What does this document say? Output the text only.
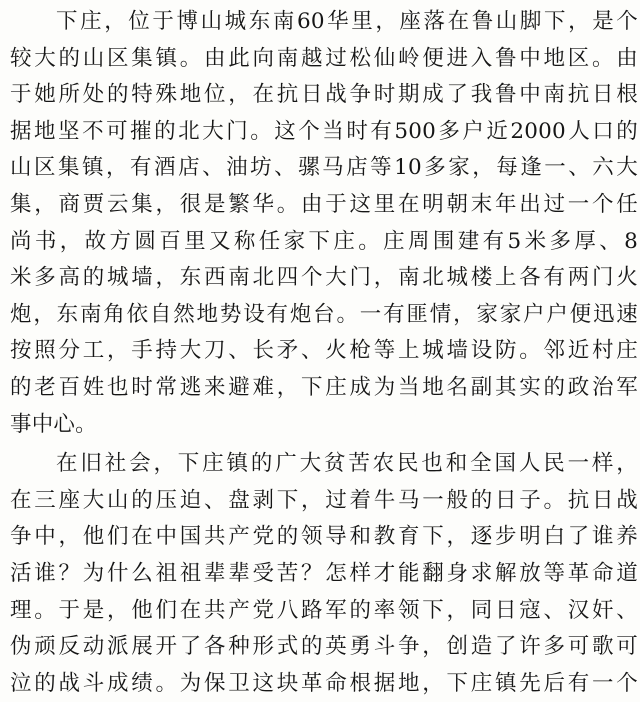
下庄，位于博山城东南60华里，座落在鲁山脚下，是个
较大的山区集镇。由此向南越过松仙岭便进入鲁中地区。由
于她所处的特殊地位，在抗日战争时期成了我鲁中南抗日根
据地坚不可摧的北大门。这个当时有500多户近2000人口的
山区集镇，有酒店、油坊、骡马店等10多家，每逢一、六大
集，商贾云集，很是繁华。由于这里在明朝末年出过一个任
尚书，故方圆百里又称任家下庄。庄周围建有5米多厚、8
米多高的城墙，东西南北四个大门，南北城楼上各有两门火
炮，东南角依自然地势设有炮台。一有匪情，家家户户便迅速
按照分工，手持大刀、长矛、火枪等上城墙设防。邻近村庄
的老百姓也时常逃来避难，下庄成为当地名副其实的政治军
事中心。
在旧社会，下庄镇的广大贫苦农民也和全国人民一样，
在三座大山的压迫、盘剥下，过着牛马一般的日子。抗日战
争中，他们在中国共产党的领导和教育下，逐步明白了谁养
活谁？为什么祖祖辈辈受苦？怎样才能翻身求解放等革命道
理。于是，他们在共产党八路军的率领下，同日寇、汉奸、
伪顽反动派展开了各种形式的英勇斗争，创造了许多可歌可
泣的战斗成绩。为保卫这块革命根据地，下庄镇先后有一个
